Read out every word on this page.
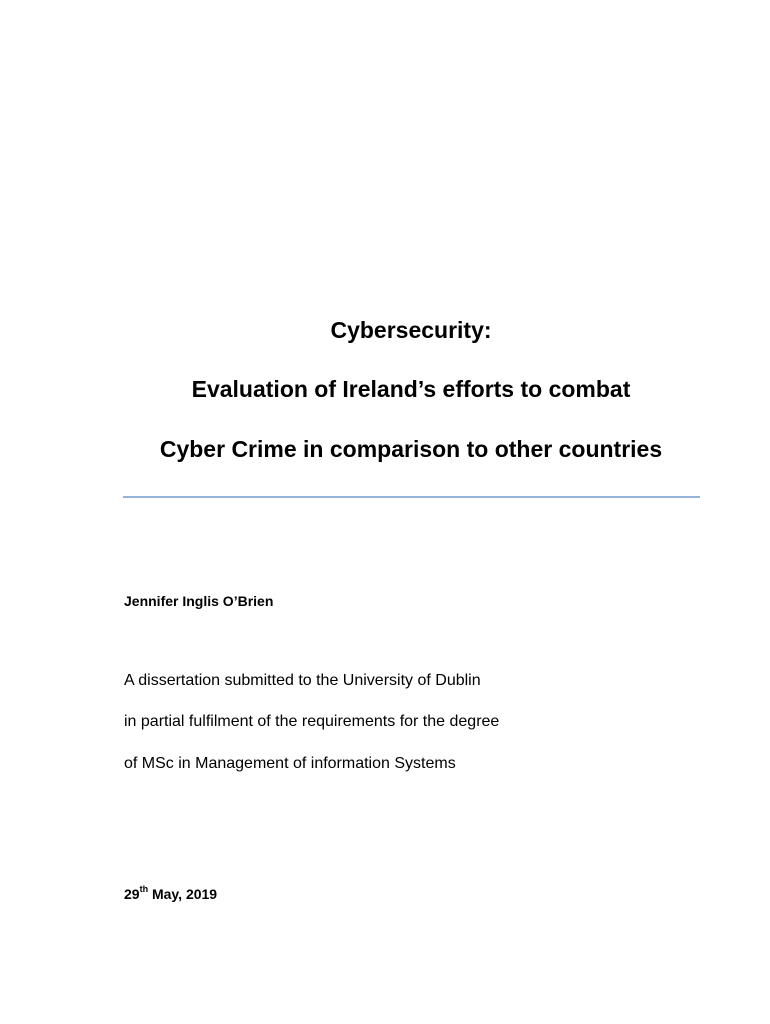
Cybersecurity:
Evaluation of Ireland’s efforts to combat
Cyber Crime in comparison to other countries
Jennifer Inglis O’Brien
A dissertation submitted to the University of Dublin
in partial fulfilment of the requirements for the degree
of MSc in Management of information Systems
29th May, 2019
